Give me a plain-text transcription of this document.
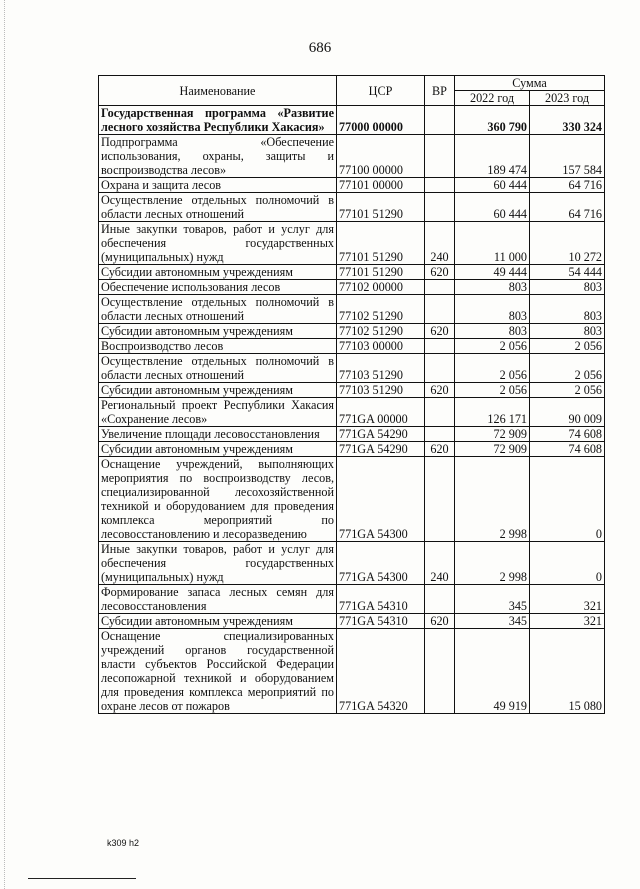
686
Наименование	ЦСР	ВР	Сумма	
			2022 год	2023 год
Государственная программа «Развитие лесного хозяйства Республики Хакасия»	77000 00000		360 790	330 324
Подпрограмма «Обеспечение использования, охраны, защиты и воспроизводства лесов»	77100 00000		189 474	157 584
Охрана и защита лесов	77101 00000		60 444	64 716
Осуществление отдельных полномочий в области лесных отношений	77101 51290		60 444	64 716
Иные закупки товаров, работ и услуг для обеспечения государственных (муниципальных) нужд	77101 51290	240	11 000	10 272
Субсидии автономным учреждениям	77101 51290	620	49 444	54 444
Обеспечение использования лесов	77102 00000		803	803
Осуществление отдельных полномочий в области лесных отношений	77102 51290		803	803
Субсидии автономным учреждениям	77102 51290	620	803	803
Воспроизводство лесов	77103 00000		2 056	2 056
Осуществление отдельных полномочий в области лесных отношений	77103 51290		2 056	2 056
Субсидии автономным учреждениям	77103 51290	620	2 056	2 056
Региональный проект Республики Хакасия «Сохранение лесов»	771GA 00000		126 171	90 009
Увеличение площади лесовосстановления	771GA 54290		72 909	74 608
Субсидии автономным учреждениям	771GA 54290	620	72 909	74 608
Оснащение учреждений, выполняющих мероприятия по воспроизводству лесов, специализированной лесохозяйственной техникой и оборудованием для проведения комплекса мероприятий по лесовосстановлению и лесоразведению	771GA 54300		2 998	0
Иные закупки товаров, работ и услуг для обеспечения государственных (муниципальных) нужд	771GA 54300	240	2 998	0
Формирование запаса лесных семян для лесовосстановления	771GA 54310		345	321
Субсидии автономным учреждениям	771GA 54310	620	345	321
Оснащение специализированных учреждений органов государственной власти субъектов Российской Федерации лесопожарной техникой и оборудованием для проведения комплекса мероприятий по охране лесов от пожаров	771GA 54320		49 919	15 080
k309 h2
